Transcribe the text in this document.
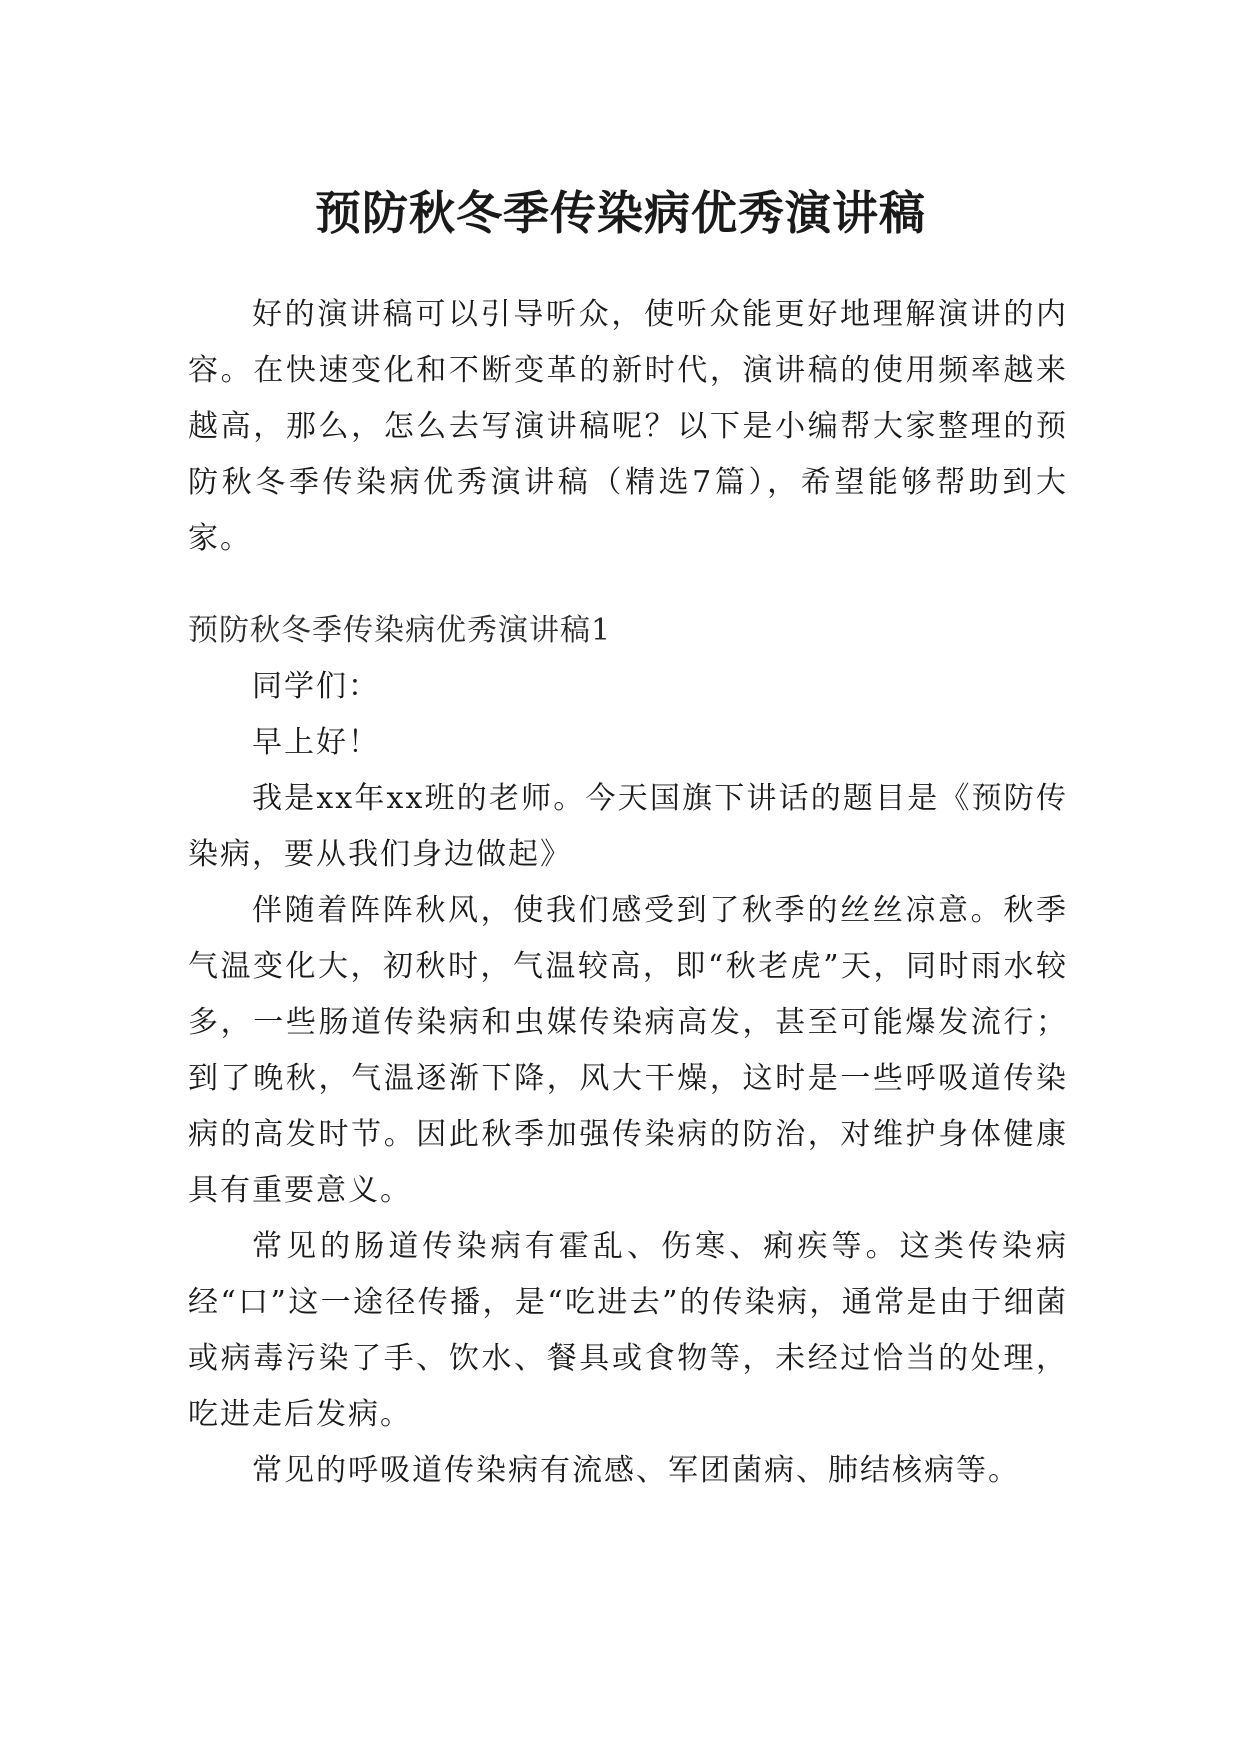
预防秋冬季传染病优秀演讲稿

好的演讲稿可以引导听众，使听众能更好地理解演讲的内容。在快速变化和不断变革的新时代，演讲稿的使用频率越来越高，那么，怎么去写演讲稿呢？以下是小编帮大家整理的预防秋冬季传染病优秀演讲稿（精选7篇），希望能够帮助到大家。

预防秋冬季传染病优秀演讲稿1

同学们：

早上好！

我是xx年xx班的老师。今天国旗下讲话的题目是《预防传染病，要从我们身边做起》

伴随着阵阵秋风，使我们感受到了秋季的丝丝凉意。秋季气温变化大，初秋时，气温较高，即“秋老虎”天，同时雨水较多，一些肠道传染病和虫媒传染病高发，甚至可能爆发流行；到了晚秋，气温逐渐下降，风大干燥，这时是一些呼吸道传染病的高发时节。因此秋季加强传染病的防治，对维护身体健康具有重要意义。

常见的肠道传染病有霍乱、伤寒、痢疾等。这类传染病经“口”这一途径传播，是“吃进去”的传染病，通常是由于细菌或病毒污染了手、饮水、餐具或食物等，未经过恰当的处理，吃进走后发病。

常见的呼吸道传染病有流感、军团菌病、肺结核病等。
